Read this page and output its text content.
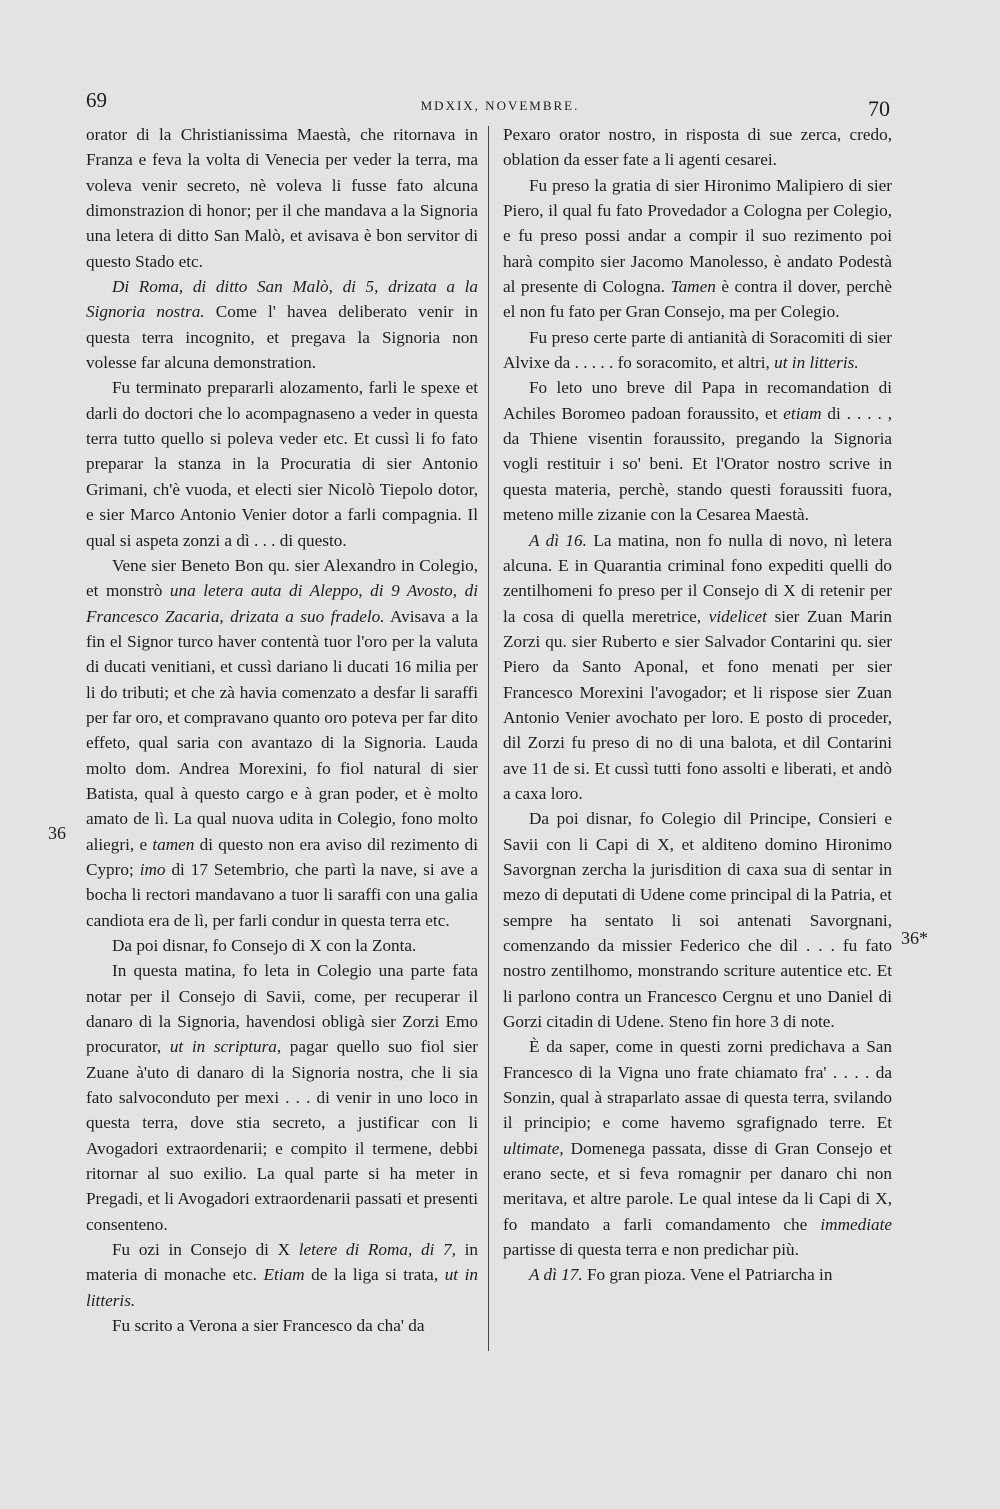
69	MDXIX, NOVEMBRE.	70
36
36*

orator di la Christianissima Maestà, che ritornava in Franza e feva la volta di Venecia per veder la terra, ma voleva venir secreto, nè voleva li fusse fato alcuna dimonstrazion di honor; per il che mandava a la Signoria una letera di ditto San Malò, et avisava è bon servitor di questo Stado etc.

Di Roma, di ditto San Malò, di 5, drizata a la Signoria nostra. Come l' havea deliberato venir in questa terra incognito, et pregava la Signoria non volesse far alcuna demonstration.

Fu terminato prepararli alozamento, farli le spexe et darli do doctori che lo acompagnaseno a veder in questa terra tutto quello si poleva veder etc. Et cussì li fo fato preparar la stanza in la Procuratia di sier Antonio Grimani, ch'è vuoda, et electi sier Nicolò Tiepolo dotor, e sier Marco Antonio Venier dotor a farli compagnia. Il qual si aspeta zonzi a dì . . . di questo.

Vene sier Beneto Bon qu. sier Alexandro in Colegio, et monstrò una letera auta di Aleppo, di 9 Avosto, di Francesco Zacaria, drizata a suo fradelo. Avisava a la fin el Signor turco haver contentà tuor l'oro per la valuta di ducati venitiani, et cussì dariano li ducati 16 milia per li do tributi; et che zà havia comenzato a desfar li saraffi per far oro, et compravano quanto oro poteva per far dito effeto, qual saria con avantazo di la Signoria. Lauda molto dom. Andrea Morexini, fo fiol natural di sier Batista, qual à questo cargo e à gran poder, et è molto amato de lì. La qual nuova udita in Colegio, fono molto aliegri, e tamen di questo non era aviso dil rezimento di Cypro; imo di 17 Setembrio, che partì la nave, si ave a bocha li rectori mandavano a tuor li saraffi con una galia candiota era de lì, per farli condur in questa terra etc.

Da poi disnar, fo Consejo di X con la Zonta.

In questa matina, fo leta in Colegio una parte fata notar per il Consejo di Savii, come, per recuperar il danaro di la Signoria, havendosi obligà sier Zorzi Emo procurator, ut in scriptura, pagar quello suo fiol sier Zuane à'uto di danaro di la Signoria nostra, che li sia fato salvoconduto per mexi . . . di venir in uno loco in questa terra, dove stia secreto, a justificar con li Avogadori extraordenarii; e compito il termene, debbi ritornar al suo exilio. La qual parte si ha meter in Pregadi, et li Avogadori extraordenarii passati et presenti consenteno.

Fu ozi in Consejo di X letere di Roma, di 7, in materia di monache etc. Etiam de la liga si trata, ut in litteris.

Fu scrito a Verona a sier Francesco da cha' da

Pexaro orator nostro, in risposta di sue zerca, credo, oblation da esser fate a li agenti cesarei.

Fu preso la gratia di sier Hironimo Malipiero di sier Piero, il qual fu fato Provedador a Cologna per Colegio, e fu preso possi andar a compir il suo rezimento poi harà compito sier Jacomo Manolesso, è andato Podestà al presente di Cologna. Tamen è contra il dover, perchè el non fu fato per Gran Consejo, ma per Colegio.

Fu preso certe parte di antianità di Soracomiti di sier Alvixe da . . . . . fo soracomito, et altri, ut in litteris.

Fo leto uno breve dil Papa in recomandation di Achiles Boromeo padoan foraussito, et etiam di . . . . , da Thiene visentin foraussito, pregando la Signoria vogli restituir i so' beni. Et l'Orator nostro scrive in questa materia, perchè, stando questi foraussiti fuora, meteno mille zizanie con la Cesarea Maestà.

A dì 16. La matina, non fo nulla di novo, nì letera alcuna. E in Quarantia criminal fono expediti quelli do zentilhomeni fo preso per il Consejo di X di retenir per la cosa di quella meretrice, videlicet sier Zuan Marin Zorzi qu. sier Ruberto e sier Salvador Contarini qu. sier Piero da Santo Aponal, et fono menati per sier Francesco Morexini l'avogador; et li rispose sier Zuan Antonio Venier avochato per loro. E posto di proceder, dil Zorzi fu preso di no di una balota, et dil Contarini ave 11 de si. Et cussì tutti fono assolti e liberati, et andò a caxa loro.

Da poi disnar, fo Colegio dil Principe, Consieri e Savii con li Capi di X, et alditeno domino Hironimo Savorgnan zercha la jurisdition di caxa sua di sentar in mezo di deputati di Udene come principal di la Patria, et sempre ha sentato li soi antenati Savorgnani, comenzando da missier Federico che dil . . . fu fato nostro zentilhomo, monstrando scriture autentice etc. Et li parlono contra un Francesco Cergnu et uno Daniel di Gorzi citadin di Udene. Steno fin hore 3 di note.

È da saper, come in questi zorni predichava a San Francesco di la Vigna uno frate chiamato fra' . . . . da Sonzin, qual à straparlato assae di questa terra, svilando il principio; e come havemo sgrafignado terre. Et ultimate, Domenega passata, disse di Gran Consejo et erano secte, et si feva romagnir per danaro chi non meritava, et altre parole. Le qual intese da li Capi di X, fo mandato a farli comandamento che immediate partisse di questa terra e non predichar più.

A dì 17. Fo gran pioza. Vene el Patriarcha in
